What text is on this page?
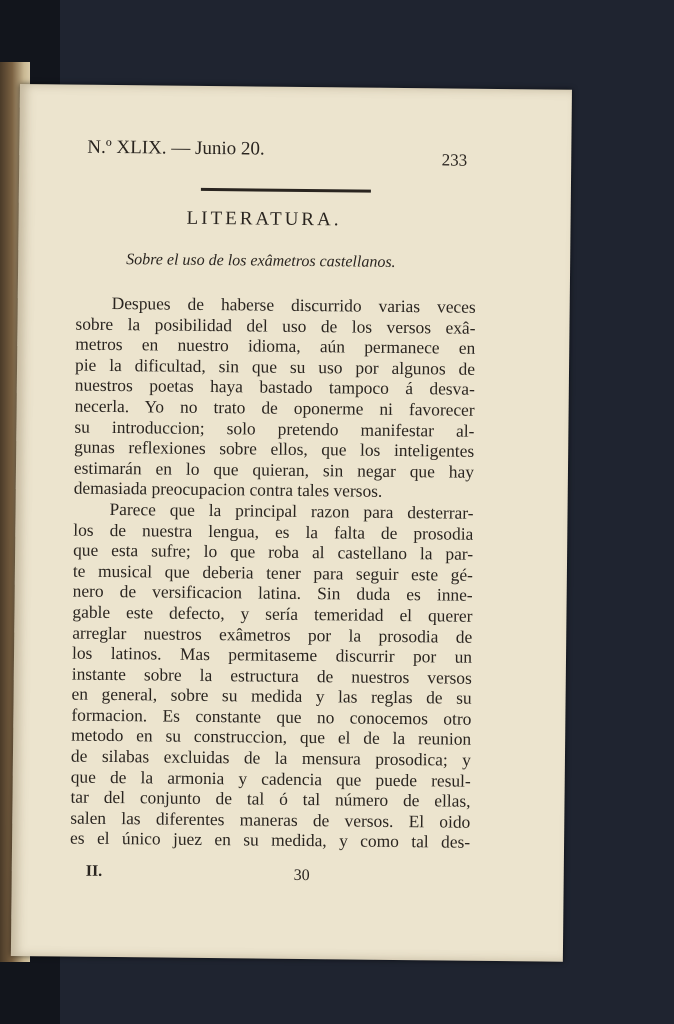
N.º XLIX. — Junio 20.
233
LITERATURA.
Sobre el uso de los exâmetros castellanos.
Despues de haberse discurrido varias veces
sobre la posibilidad del uso de los versos exâ-
metros en nuestro idioma, aún permanece en
pie la dificultad, sin que su uso por algunos de
nuestros poetas haya bastado tampoco á desva-
necerla. Yo no trato de oponerme ni favorecer
su introduccion; solo pretendo manifestar al-
gunas reflexiones sobre ellos, que los inteligentes
estimarán en lo que quieran, sin negar que hay
demasiada preocupacion contra tales versos.
Parece que la principal razon para desterrar-
los de nuestra lengua, es la falta de prosodia
que esta sufre; lo que roba al castellano la par-
te musical que deberia tener para seguir este gé-
nero de versificacion latina. Sin duda es inne-
gable este defecto, y sería temeridad el querer
arreglar nuestros exâmetros por la prosodia de
los latinos. Mas permitaseme discurrir por un
instante sobre la estructura de nuestros versos
en general, sobre su medida y las reglas de su
formacion. Es constante que no conocemos otro
metodo en su construccion, que el de la reunion
de silabas excluidas de la mensura prosodica; y
que de la armonia y cadencia que puede resul-
tar del conjunto de tal ó tal número de ellas,
salen las diferentes maneras de versos. El oido
es el único juez en su medida, y como tal des-
II.	30
